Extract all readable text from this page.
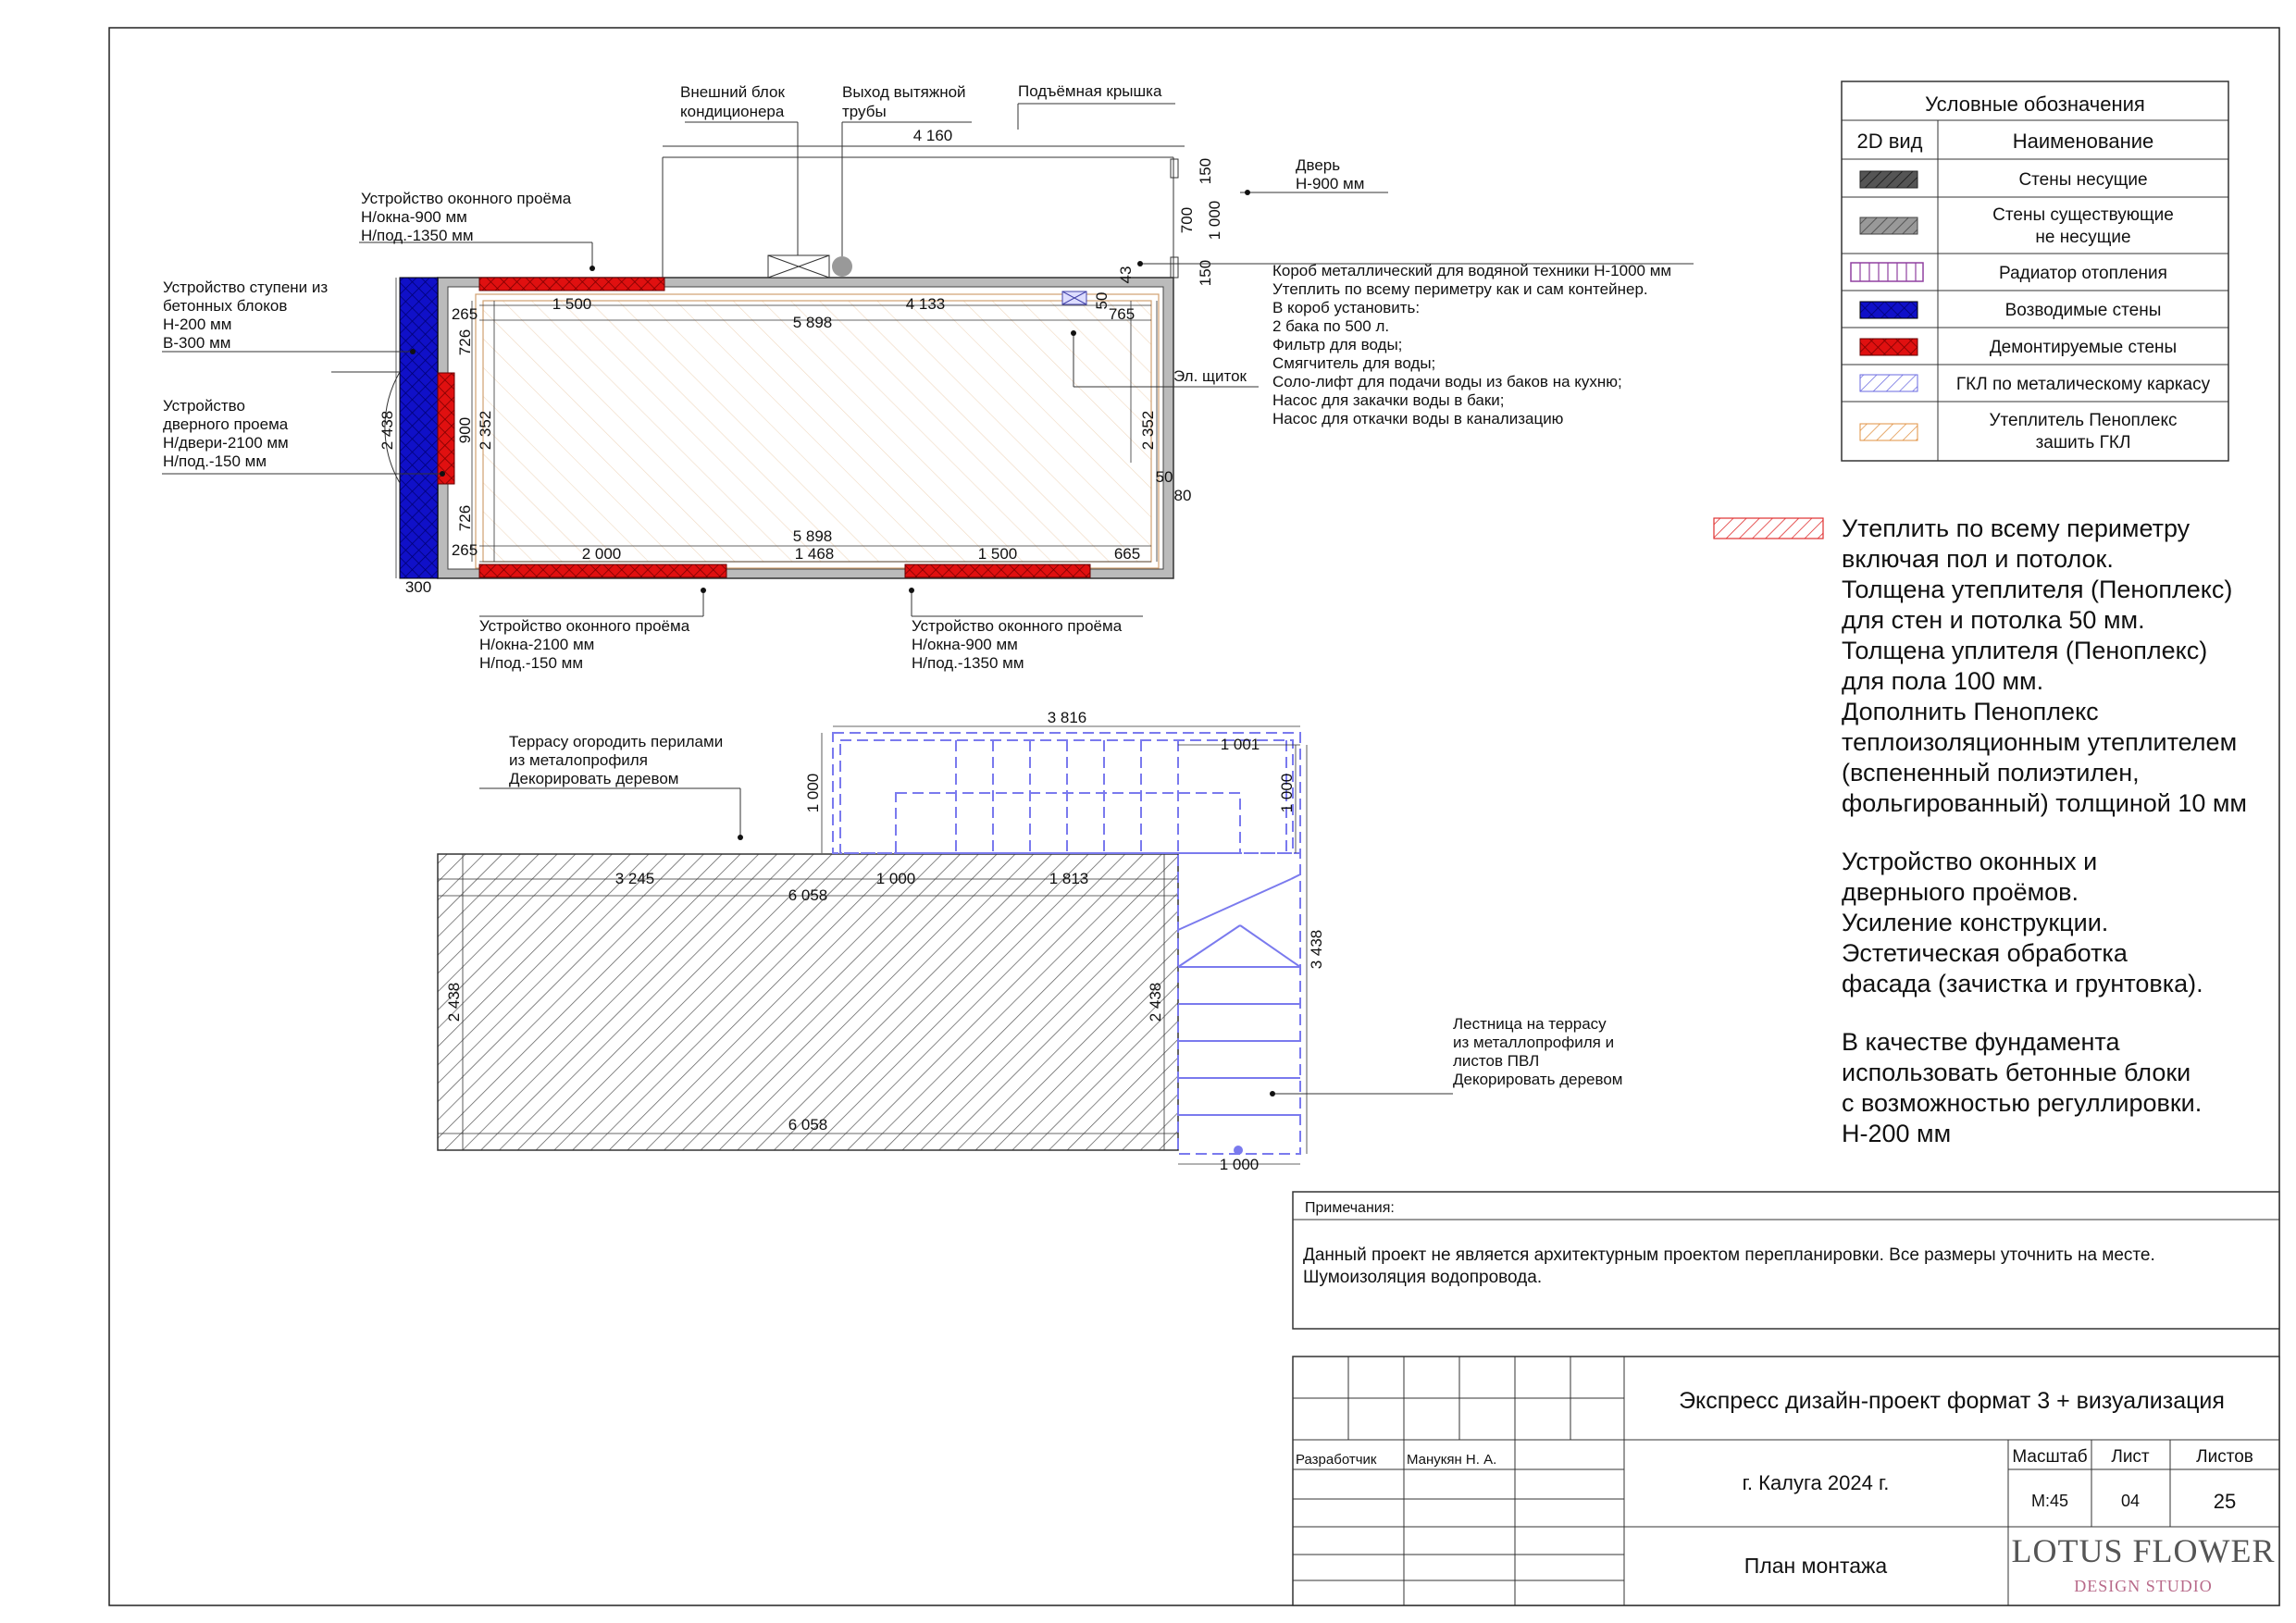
4 160
150
700 1 000
150
43
1 500	4 133	50
765
265	5 898
726
2 438	900 2 352	2 352
726
50
80
5 898
265	2 000	1 468	1 500	665
300
Внешний блок
кондиционера
Выход вытяжной
трубы
Подъёмная крышка
Дверь
Н-900 мм
Устройство оконного проёма
Н/окна-900 мм
Н/под.-1350 мм
Устройство ступени из
бетонных блоков
Н-200 мм
В-300 мм
Устройство
дверного проема
Н/двери-2100 мм
Н/под.-150 мм
Короб металлический для водяной техники Н-1000 мм
Утеплить по всему периметру как и сам контейнер.
В короб установить:
2 бака по 500 л.
Фильтр для воды;
Смягчитель для воды;
Соло-лифт для подачи воды из баков на кухню;
Насос для закачки воды в баки;
Насос для откачки воды в канализацию
Эл. щиток
Устройство оконного проёма
Н/окна-2100 мм
Н/под.-150 мм
Устройство оконного проёма
Н/окна-900 мм
Н/под.-1350 мм
3 816
1 001
1 000	1 000
3 245	1 000	1 813
6 058
2 438	2 438
3 438
6 058
1 000
Террасу огородить перилами
из металопрофиля
Декорировать деревом
Лестница на террасу
из металлопрофиля и
листов ПВЛ
Декорировать деревом
Условные обозначения
2D вид	Наименование
Стены несущие
Стены существующие
не несущие
Радиатор отопления
Возводимые стены
Демонтируемые стены
ГКЛ по металическому каркасу
Утеплитель Пеноплекс
зашить ГКЛ
Утеплить по всему периметру
включая пол и потолок.
Толщена утеплителя (Пеноплекс)
для стен и потолка 50 мм.
Толщена уплителя (Пеноплекс)
для пола 100 мм.
Дополнить Пеноплекс
теплоизоляционным утеплителем
(вспененный полиэтилен,
фольгированный) толщиной 10 мм
Устройство оконных и
дверныого проёмов.
Усиление конструкции.
Эстетическая обработка
фасада (зачистка и грунтовка).
В качестве фундамента
использовать бетонные блоки
с возможностью регуллировки.
Н-200 мм
Примечания:
Данный проект не является архитектурным проектом перепланировки. Все размеры уточнить на месте.
Шумоизоляция водопровода.
Экспресс дизайн-проект формат 3 + визуализация
Разработчик Манукян Н. А.
г. Калуга 2024 г.
Масштаб Лист	Листов
М:45	04	25
План монтажа	LOTUS FLOWER
DESIGN STUDIO
